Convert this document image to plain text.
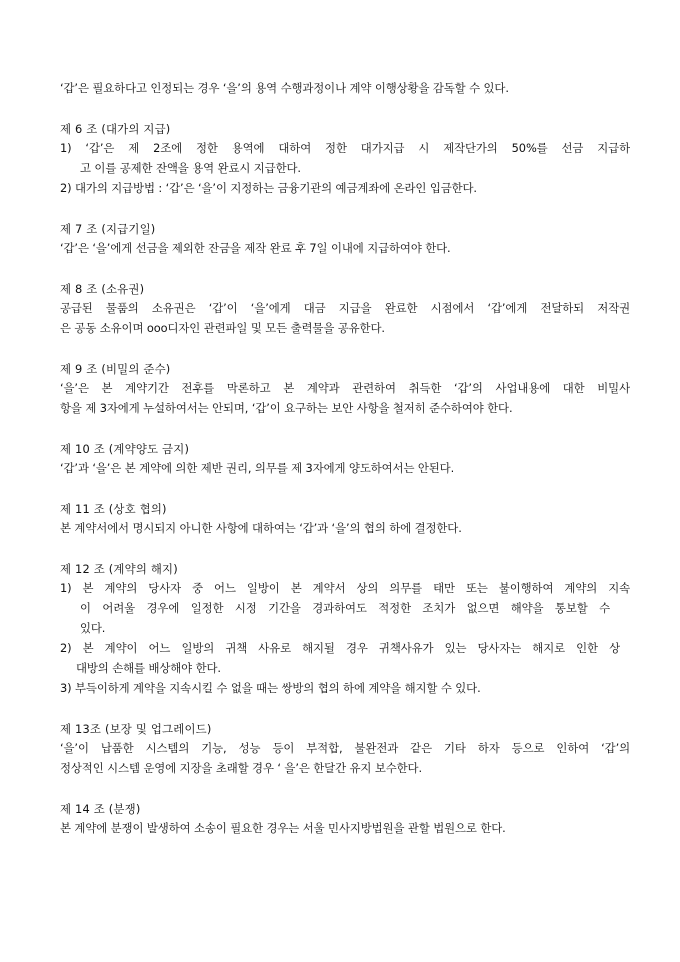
‘갑’은 필요하다고 인정되는 경우 ‘을’의 용역 수행과정이나 계약 이행상황을 감독할 수 있다.
제 6 조 (대가의 지급)
1) ‘갑’은 제 2조에 정한 용역에 대하여 정한 대가지급 시 제작단가의 50%를 선금 지급하
고 이를 공제한 잔액을 용역 완료시 지급한다.
2) 대가의 지급방법 : ‘갑’은 ‘을’이 지정하는 금융기관의 예금계좌에 온라인 입금한다.
제 7 조 (지급기일)
‘갑’은 ‘을’에게 선금을 제외한 잔금을 제작 완료 후 7일 이내에 지급하여야 한다.
제 8 조 (소유권)
공급된 물품의 소유권은 ‘갑’이 ‘을’에게 대금 지급을 완료한 시점에서 ‘갑’에게 전달하되 저작권
은 공동 소유이며 ooo디자인 관련파일 및 모든 출력물을 공유한다.
제 9 조 (비밀의 준수)
‘을’은 본 계약기간 전후를 막론하고 본 계약과 관련하여 취득한 ‘갑’의 사업내용에 대한 비밀사
항을 제 3자에게 누설하여서는 안되며, ‘갑’이 요구하는 보안 사항을 철저히 준수하여야 한다.
제 10 조 (계약양도 금지)
‘갑’과 ‘을’은 본 계약에 의한 제반 권리, 의무를 제 3자에게 양도하여서는 안된다.
제 11 조 (상호 협의)
본 계약서에서 명시되지 아니한 사항에 대하여는 ‘갑’과 ‘을’의 협의 하에 결정한다.
제 12 조 (계약의 해지)
1) 본 계약의 당사자 중 어느 일방이 본 계약서 상의 의무를 태만 또는 불이행하여 계약의 지속
이 어려울 경우에 일정한 시정 기간을 경과하여도 적정한 조치가 없으면 해약을 통보할 수
있다.
2) 본 계약이 어느 일방의 귀책 사유로 해지될 경우 귀책사유가 있는 당사자는 해지로 인한 상
대방의 손해를 배상해야 한다.
3) 부득이하게 계약을 지속시킬 수 없을 때는 쌍방의 협의 하에 계약을 해지할 수 있다.
제 13조 (보장 및 업그레이드)
‘을’이 납품한 시스템의 기능, 성능 등이 부적합, 불완전과 같은 기타 하자 등으로 인하여 ‘갑’의
정상적인 시스템 운영에 지장을 초래할 경우 ‘ 을’은 한달간 유지 보수한다.
제 14 조 (분쟁)
본 계약에 분쟁이 발생하여 소송이 필요한 경우는 서울 민사지방법원을 관할 법원으로 한다.
